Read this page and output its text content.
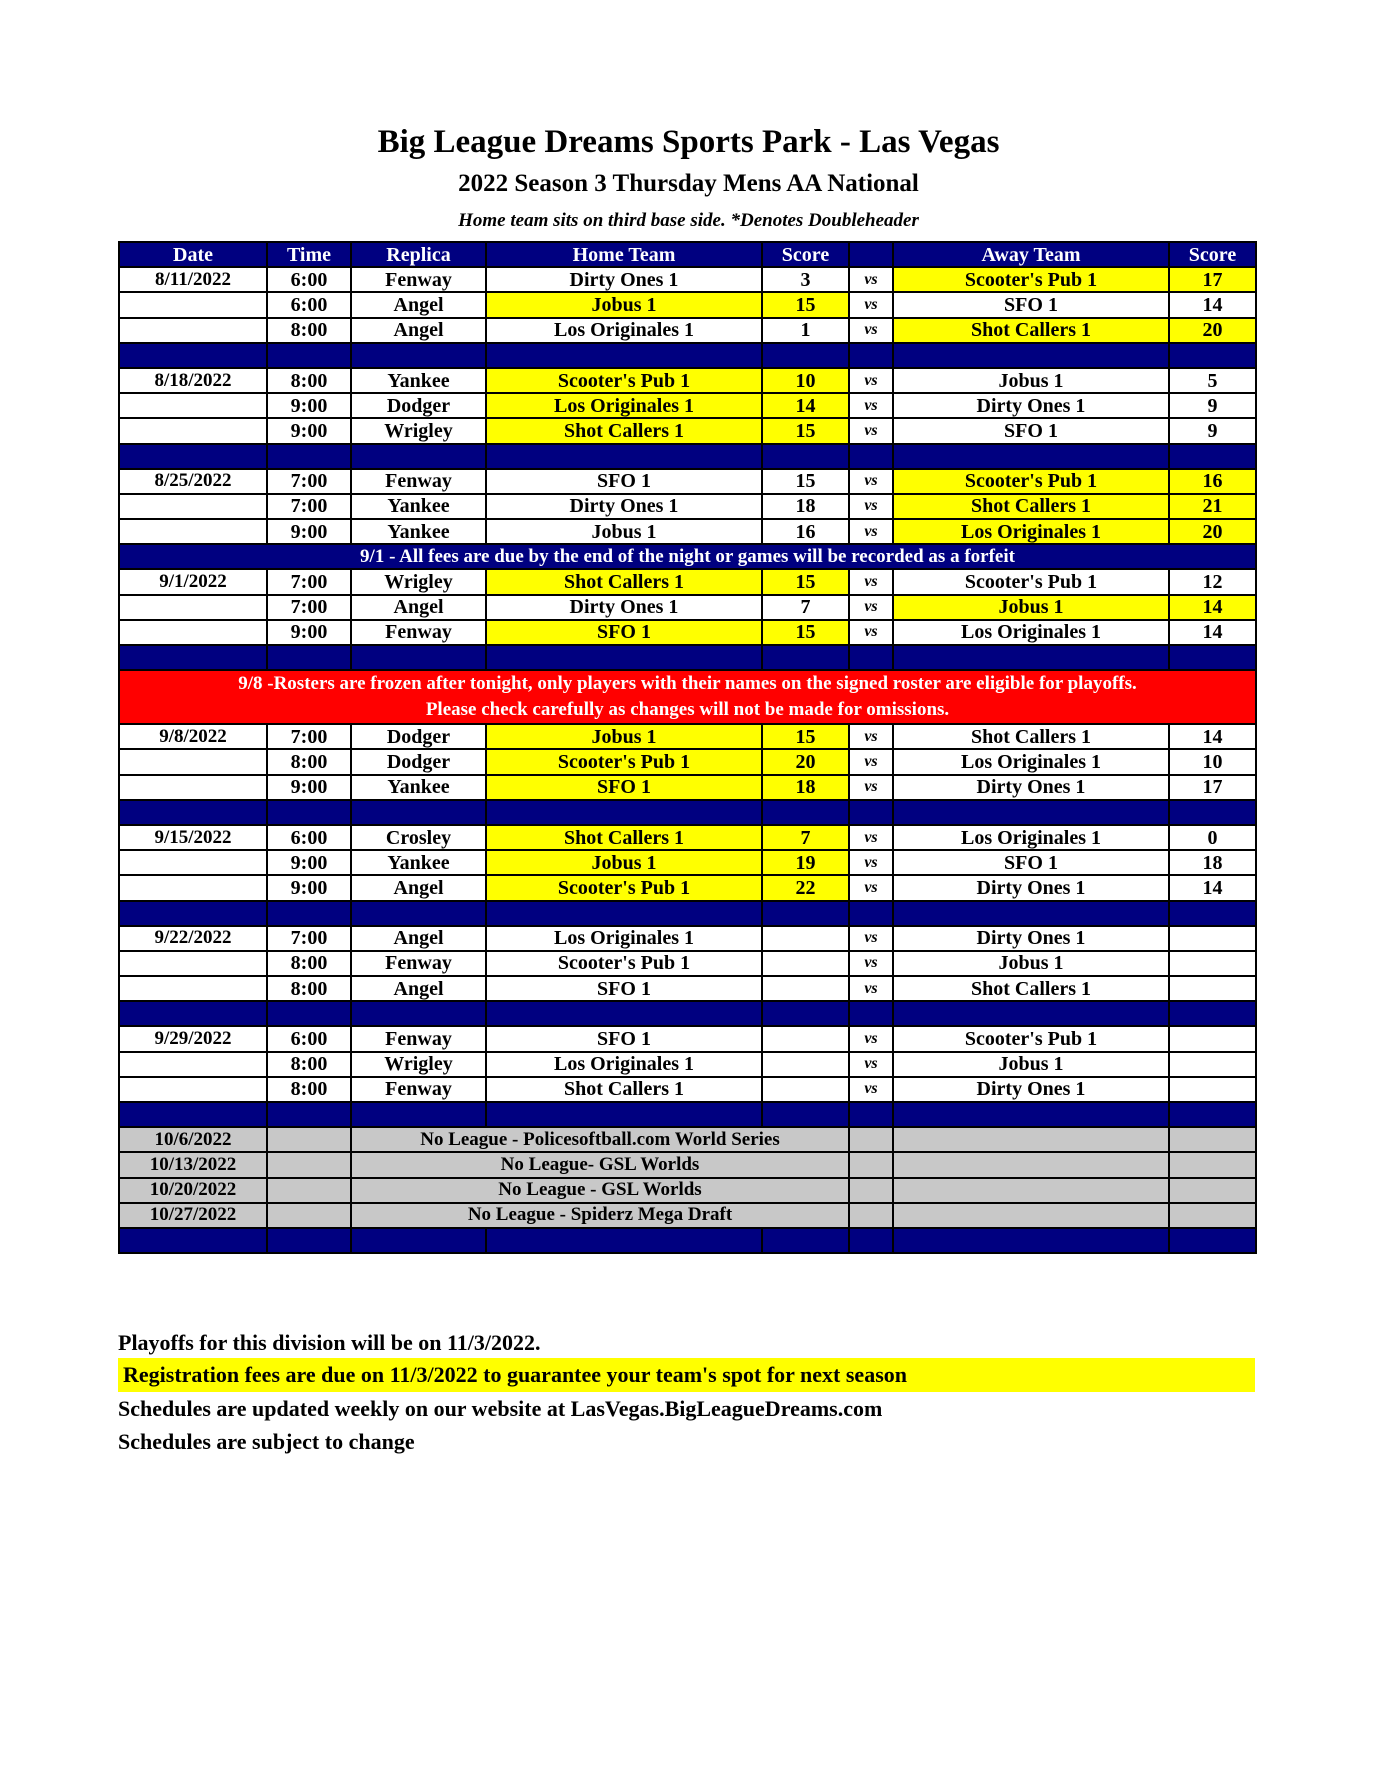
Big League Dreams Sports Park - Las Vegas
2022 Season 3 Thursday Mens AA National
Home team sits on third base side. *Denotes Doubleheader
Date	Time	Replica	Home Team	Score		Away Team	Score
8/11/2022	6:00	Fenway	Dirty Ones 1	3	vs	Scooter's Pub 1	17
	6:00	Angel	Jobus 1	15	vs	SFO 1	14
	8:00	Angel	Los Originales 1	1	vs	Shot Callers 1	20

8/18/2022	8:00	Yankee	Scooter's Pub 1	10	vs	Jobus 1	5
	9:00	Dodger	Los Originales 1	14	vs	Dirty Ones 1	9
	9:00	Wrigley	Shot Callers 1	15	vs	SFO 1	9

8/25/2022	7:00	Fenway	SFO 1	15	vs	Scooter's Pub 1	16
	7:00	Yankee	Dirty Ones 1	18	vs	Shot Callers 1	21
	9:00	Yankee	Jobus 1	16	vs	Los Originales 1	20
9/1 - All fees are due by the end of the night or games will be recorded as a forfeit							
9/1/2022	7:00	Wrigley	Shot Callers 1	15	vs	Scooter's Pub 1	12
	7:00	Angel	Dirty Ones 1	7	vs	Jobus 1	14
	9:00	Fenway	SFO 1	15	vs	Los Originales 1	14

9/8 -Rosters are frozen after tonight, only players with their names on the signed roster are eligible for playoffs.
Please check carefully as changes will not be made for omissions.							

9/8/2022	7:00	Dodger	Jobus 1	15	vs	Shot Callers 1	14
	8:00	Dodger	Scooter's Pub 1	20	vs	Los Originales 1	10
	9:00	Yankee	SFO 1	18	vs	Dirty Ones 1	17

9/15/2022	6:00	Crosley	Shot Callers 1	7	vs	Los Originales 1	0
	9:00	Yankee	Jobus 1	19	vs	SFO 1	18
	9:00	Angel	Scooter's Pub 1	22	vs	Dirty Ones 1	14

9/22/2022	7:00	Angel	Los Originales 1		vs	Dirty Ones 1	
	8:00	Fenway	Scooter's Pub 1		vs	Jobus 1	
	8:00	Angel	SFO 1		vs	Shot Callers 1	

9/29/2022	6:00	Fenway	SFO 1		vs	Scooter's Pub 1	
	8:00	Wrigley	Los Originales 1		vs	Jobus 1	
	8:00	Fenway	Shot Callers 1		vs	Dirty Ones 1	

10/6/2022		No League - Policesoftball.com World Series					
10/13/2022		No League- GSL Worlds					
10/20/2022		No League - GSL Worlds					
10/27/2022		No League - Spiderz Mega Draft					

Playoffs for this division will be on 11/3/2022.
Registration fees are due on 11/3/2022 to guarantee your team's spot for next season
Schedules are updated weekly on our website at LasVegas.BigLeagueDreams.com
Schedules are subject to change
